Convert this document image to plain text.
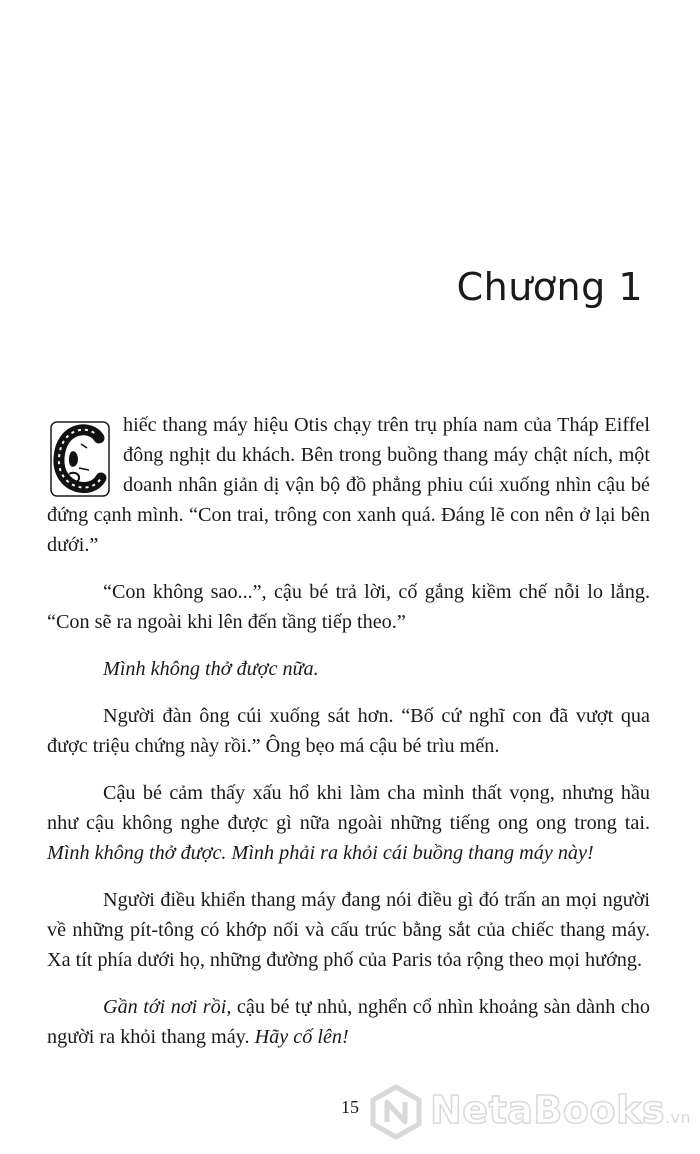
Chương 1

hiếc thang máy hiệu Otis chạy trên trụ phía nam của Tháp Eiffel đông nghịt du khách. Bên trong buồng thang máy chật ních, một doanh nhân giản dị vận bộ đồ phẳng phiu cúi xuống nhìn cậu bé đứng cạnh mình. “Con trai, trông con xanh quá. Đáng lẽ con nên ở lại bên dưới.”

“Con không sao...”, cậu bé trả lời, cố gắng kiềm chế nỗi lo lắng. “Con sẽ ra ngoài khi lên đến tầng tiếp theo.”

Mình không thở được nữa.

Người đàn ông cúi xuống sát hơn. “Bố cứ nghĩ con đã vượt qua được triệu chứng này rồi.” Ông bẹo má cậu bé trìu mến.

Cậu bé cảm thấy xấu hổ khi làm cha mình thất vọng, nhưng hầu như cậu không nghe được gì nữa ngoài những tiếng ong ong trong tai. Mình không thở được. Mình phải ra khỏi cái buồng thang máy này!

Người điều khiển thang máy đang nói điều gì đó trấn an mọi người về những pít-tông có khớp nối và cấu trúc bằng sắt của chiếc thang máy. Xa tít phía dưới họ, những đường phố của Paris tỏa rộng theo mọi hướng.

Gần tới nơi rồi, cậu bé tự nhủ, nghển cổ nhìn khoảng sàn dành cho người ra khỏi thang máy. Hãy cố lên!

15	NetaBooks.vn
